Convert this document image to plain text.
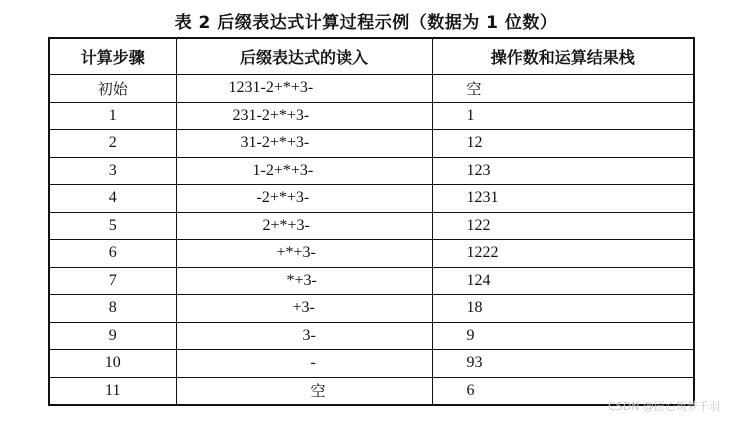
表 2 后缀表达式计算过程示例（数据为 1 位数）
计算步骤	后缀表达式的读入	操作数和运算结果栈
初始	1231-2+*+3-	空
1	231-2+*+3-	1
2	31-2+*+3-	12
3	1-2+*+3-	123
4	-2+*+3-	1231
5	2+*+3-	122
6	+*+3-	1222
7	*+3-	124
8	+3-	18
9	3-	9
10	-	93
11	空	6
CSDN @匠心筑梦千羽
